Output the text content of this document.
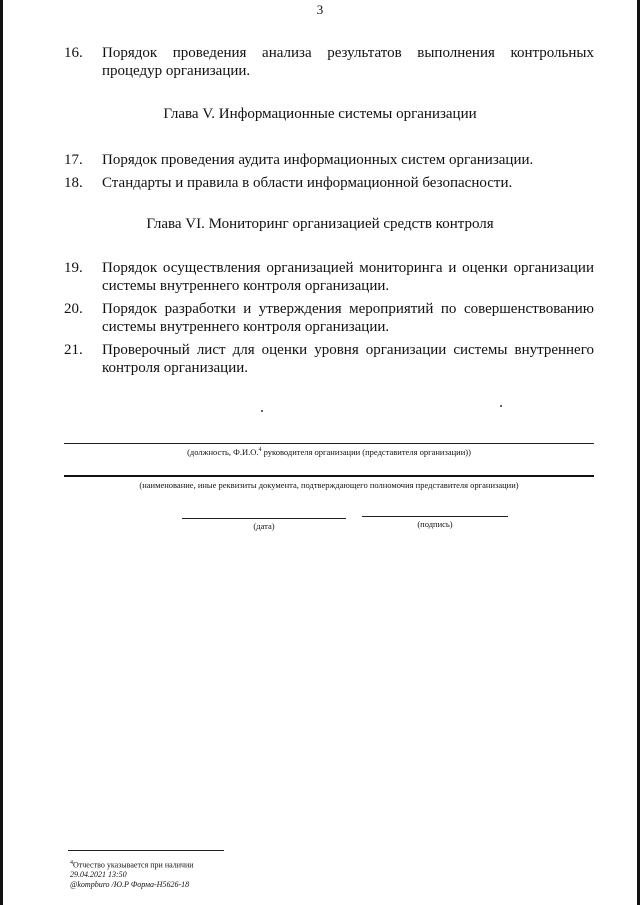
3
16.	Порядок проведения анализа результатов выполнения контрольных процедур организации.
Глава V. Информационные системы организации
17.	Порядок проведения аудита информационных систем организации.
18.	Стандарты и правила в области информационной безопасности.
Глава VI. Мониторинг организацией средств контроля
19.	Порядок осуществления организацией мониторинга и оценки организации системы внутреннего контроля организации.
20.	Порядок разработки и утверждения мероприятий по совершенствованию системы внутреннего контроля организации.
21.	Проверочный лист для оценки уровня организации системы внутреннего контроля организации.
(должность, Ф.И.О.$^4$ руководителя организации (представителя организации))
(наименование, иные реквизиты документа, подтверждающего полномочия представителя организации)
(дата)	(подпись)
$^4$Отчество указывается при наличии
29.04.2021 13:50
@kompburo /Ю.Р Форма-H5626-18
